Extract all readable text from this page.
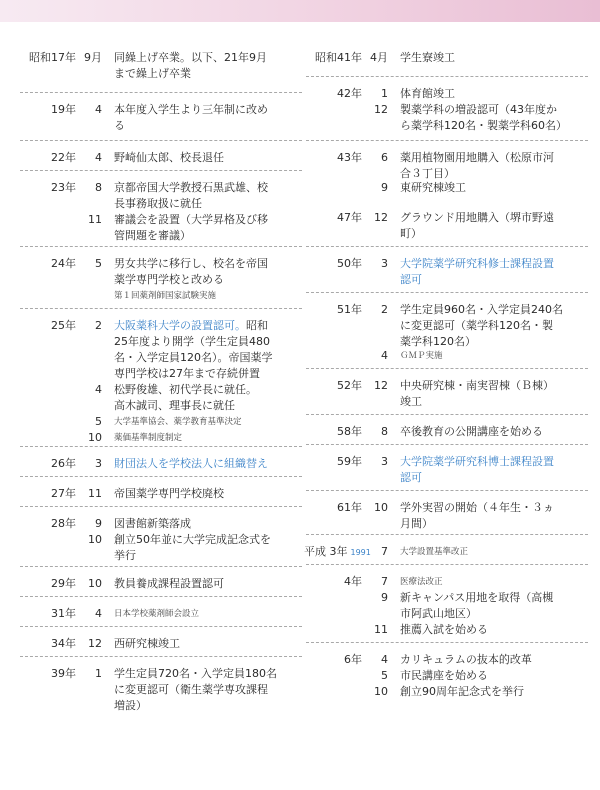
昭和17年 9月	同繰上げ卒業。以下、21年9月
まで繰上げ卒業
19年	4	本年度入学生より三年制に改め
る
22年	4	野崎仙太郎、校長退任
23年	8	京都帝国大学教授石黒武雄、校
長事務取扱に就任
11	審議会を設置（大学昇格及び移
管問題を審議）
24年	5	男女共学に移行し、校名を帝国
薬学専門学校と改める
第１回薬剤師国家試験実施
25年	2	大阪薬科大学の設置認可。昭和
25年度より開学（学生定員480
名・入学定員120名）。帝国薬学
専門学校は27年まで存続併置
4	松野俊雄、初代学長に就任。
高木誠司、理事長に就任
5	大学基準協会、薬学教育基準決定
10	薬価基準制度制定
26年	3	財団法人を学校法人に組織替え
27年	11	帝国薬学専門学校廃校
28年	9	図書館新築落成
10	創立50年並に大学完成記念式を
挙行
29年	10	教員養成課程設置認可
31年	4	日本学校薬剤師会設立
34年	12	西研究棟竣工
39年	1	学生定員720名・入学定員180名
に変更認可（衛生薬学専攻課程
増設）
昭和41年 4月	学生寮竣工
42年	1	体育館竣工
12	製薬学科の増設認可（43年度か
ら薬学科120名・製薬学科60名）
43年	6	薬用植物園用地購入（松原市河
合３丁目）
9	東研究棟竣工
47年	12	グラウンド用地購入（堺市野遠
町）
50年	3	大学院薬学研究科修士課程設置
認可
51年	2	学生定員960名・入学定員240名
に変更認可（薬学科120名・製
薬学科120名）
4	ＧＭＰ実施
52年	12	中央研究棟・南実習棟（Ｂ棟）
竣工
58年	8	卒後教育の公開講座を始める
59年	3	大学院薬学研究科博士課程設置
認可
61年	10	学外実習の開始（４年生・３ヵ
月間）
平成 3年 1991 7	大学設置基準改正
4年	7	医療法改正
9	新キャンパス用地を取得（高槻
市阿武山地区）
11	推薦入試を始める
6年	4	カリキュラムの抜本的改革
5	市民講座を始める
10	創立90周年記念式を挙行
